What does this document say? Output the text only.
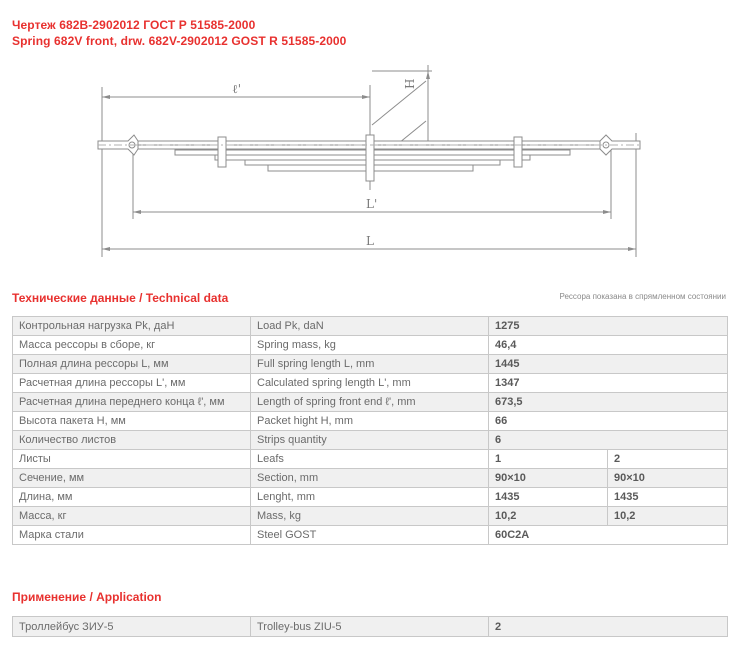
Чертеж 682В-2902012 ГОСТ Р 51585-2000
Spring 682V front, drw. 682V-2902012 GOST R 51585-2000
ℓ'
L'
L
H
Технические данные / Technical data	Рессора показана в спрямленном состоянии
Контрольная нагрузка Pk, даН	Load Pk, daN	1275	
Масса рессоры в сборе, кг	Spring mass, kg	46,4	
Полная длина рессоры L, мм	Full spring length L, mm	1445	
Расчетная длина рессоры L', мм	Calculated spring length L', mm	1347	
Расчетная длина переднего конца ℓ', мм	Length of spring front end ℓ', mm	673,5	
Высота пакета H, мм	Packet hight H, mm	66	
Количество листов	Strips quantity	6	
Листы	Leafs	1	2
Сечение, мм	Section, mm	90×10	90×10
Длина, мм	Lenght, mm	1435	1435
Масса, кг	Mass, kg	10,2	10,2
Марка стали	Steel GOST	60С2А	
Применение / Application
Троллейбус ЗИУ-5	Trolley-bus ZIU-5	2
